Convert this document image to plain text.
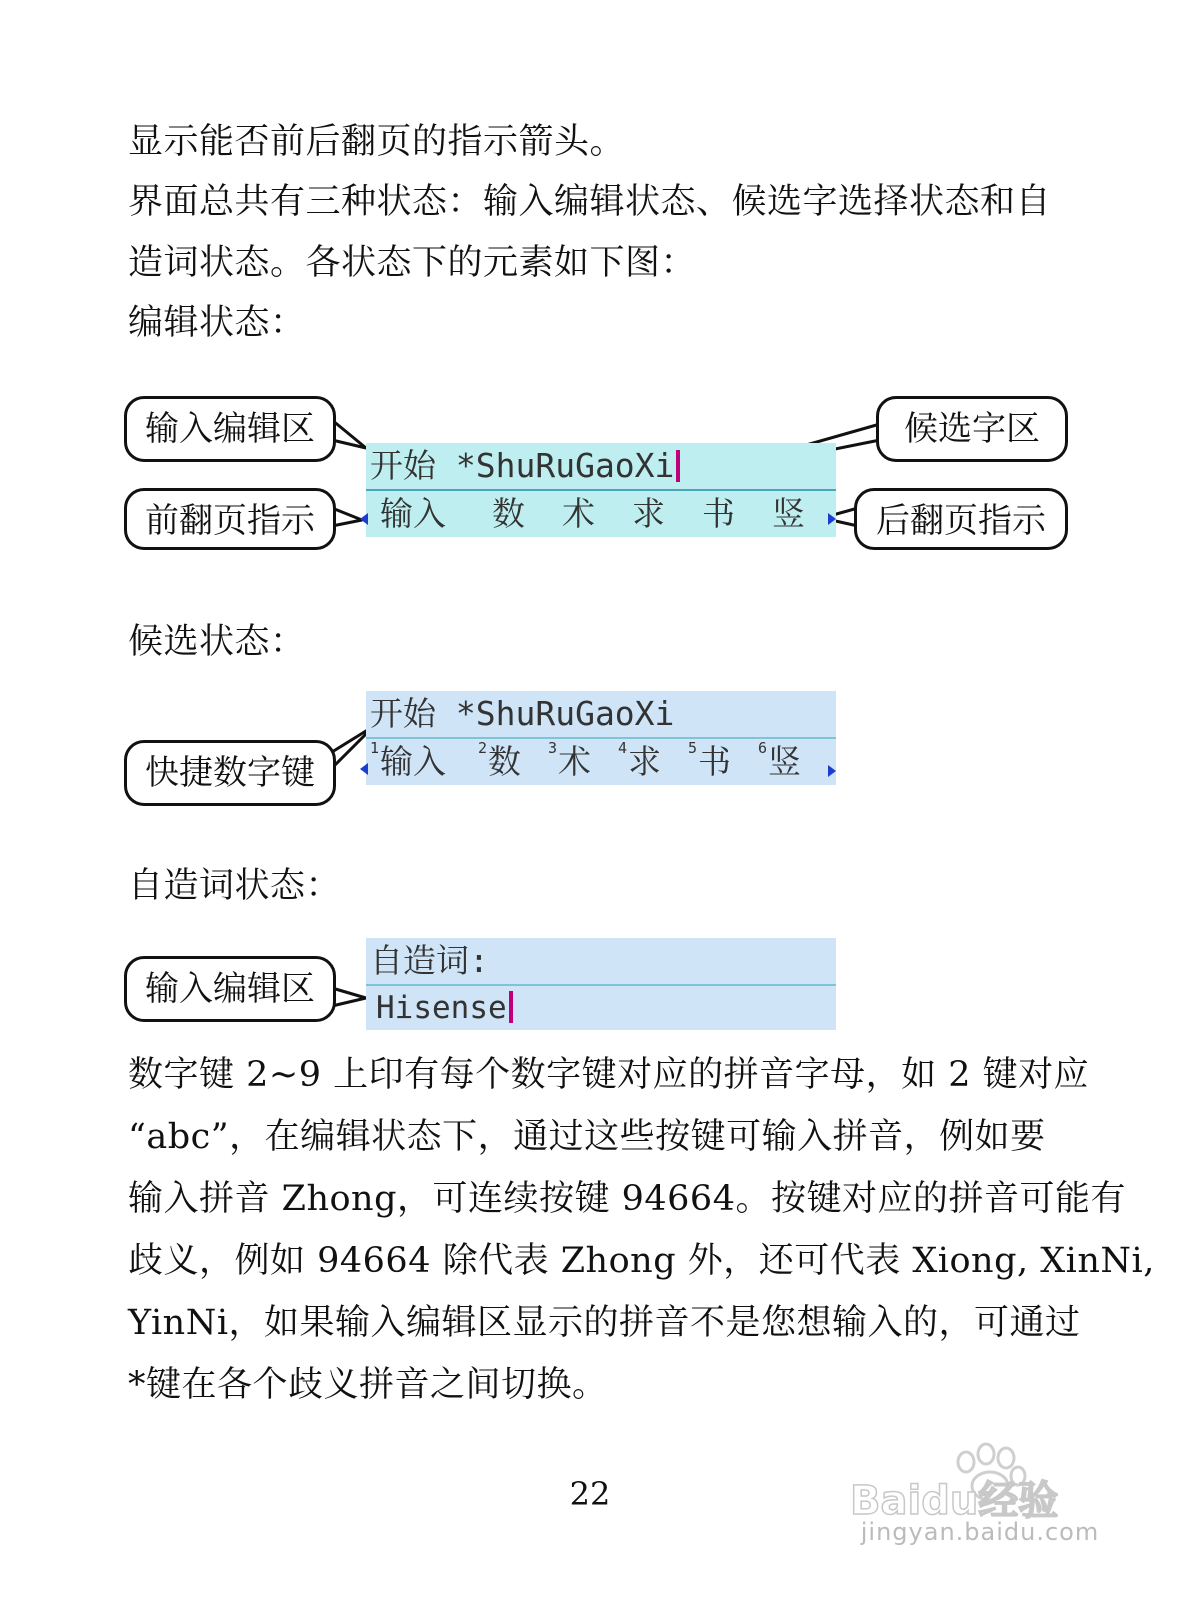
显示能否前后翻页的指示箭头。
界面总共有三种状态：输入编辑状态、候选字选择状态和自
造词状态。各状态下的元素如下图：
编辑状态：
开始 *ShuRuGaoXi
输入 数 术 求 书 竖
输入编辑区	候选字区
前翻页指示	后翻页指示
候选状态：
开始 *ShuRuGaoXi
$^1$输入 $^2$数 $^3$术 $^4$求 $^5$书 $^6$竖
快捷数字键
自造词状态：
自造词:
Hisense
输入编辑区
数字键 2~9 上印有每个数字键对应的拼音字母，如 2 键对应
“abc”，在编辑状态下，通过这些按键可输入拼音，例如要
输入拼音 Zhong，可连续按键 94664。按键对应的拼音可能有
歧义，例如 94664 除代表 Zhong 外，还可代表 Xiong, XinNi,
YinNi，如果输入编辑区显示的拼音不是您想输入的，可通过
*键在各个歧义拼音之间切换。
22	Baidu经验
jingyan.baidu.com
